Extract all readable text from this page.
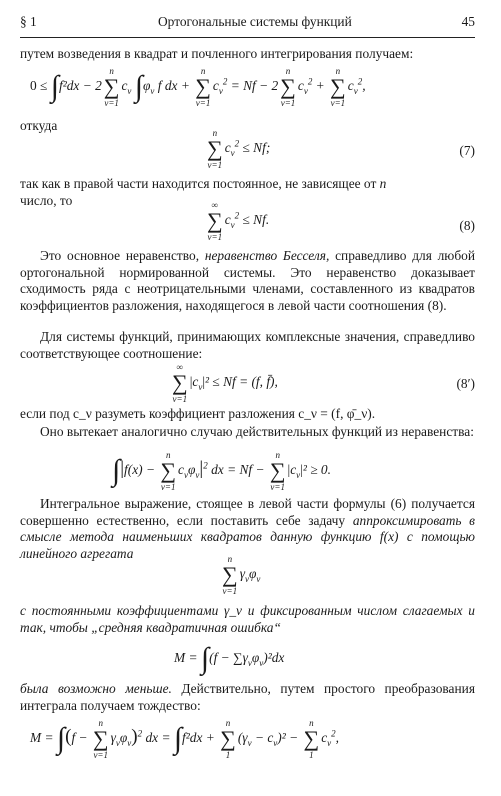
§ 1	Ортогональные системы функций	45
путем возведения в квадрат и почленного интегрирования получаем:
0 ≤ ∫f²dx − 2
n
∑
ν=1
$c_\nu$ $\int\varphi_\nu$ f dx +
n
∑
ν=1
$c_\nu^2 = Nf - 2$
n
∑
ν=1
$c_\nu^2$ +
n
∑
ν=1
$c_\nu^2$,
откуда	n
∑
ν=1
$c_\nu^2 \le Nf$;	(7)
так как в правой части находится постоянное, не зависящее от n
число, то	∞
∑
ν=1
$c_\nu^2 \le Nf$.	(8)
Это основное неравенство, неравенство Бесселя, справедливо для любой ортогональной нормированной системы. Это неравенство доказывает сходимость ряда с неотрицательными членами, составленного из квадратов коэффициентов разложения, находящегося в левой части соотношения (8).
Для системы функций, принимающих комплексные значения, справедливо соответствующее соотношение:
∞
∑
ν=1
$|c_\nu|^2 \le Nf = (f$, f̄),	(8′)
если под c_ν разуметь коэффициент разложения c_ν = (f, φ̄_ν).
Оно вытекает аналогично случаю действительных функций из неравенства:
∫|f(x) −
n
∑
ν=1
$c_\nu\varphi_\nu|^2$ dx = Nf −
n
∑
ν=1
$|c_\nu|^2 \ge 0$.
Интегральное выражение, стоящее в левой части формулы (6) получается совершенно естественно, если поставить себе задачу аппроксимировать в смысле метода наименьших квадратов данную функцию f(x) с помощью линейного агрегата	n
∑
ν=1
$\gamma_\nu\varphi_\nu$
с постоянными коэффициентами γ_ν и фиксированным числом слагаемых и так, чтобы „средняя квадратичная ошибка“
$M = \int(f - \sum\gamma_\nu\varphi_\nu)^2dx$
была возможно меньше. Действительно, путем простого преобразования интеграла получаем тождество:
M = ∫(f −
n
∑
ν=1
$\gamma_\nu\varphi_\nu)^2$ dx = ∫f²dx +
n
∑
1
$(\gamma_\nu - c_\nu)^2$ −
n
∑
1
$c_\nu^2$,
